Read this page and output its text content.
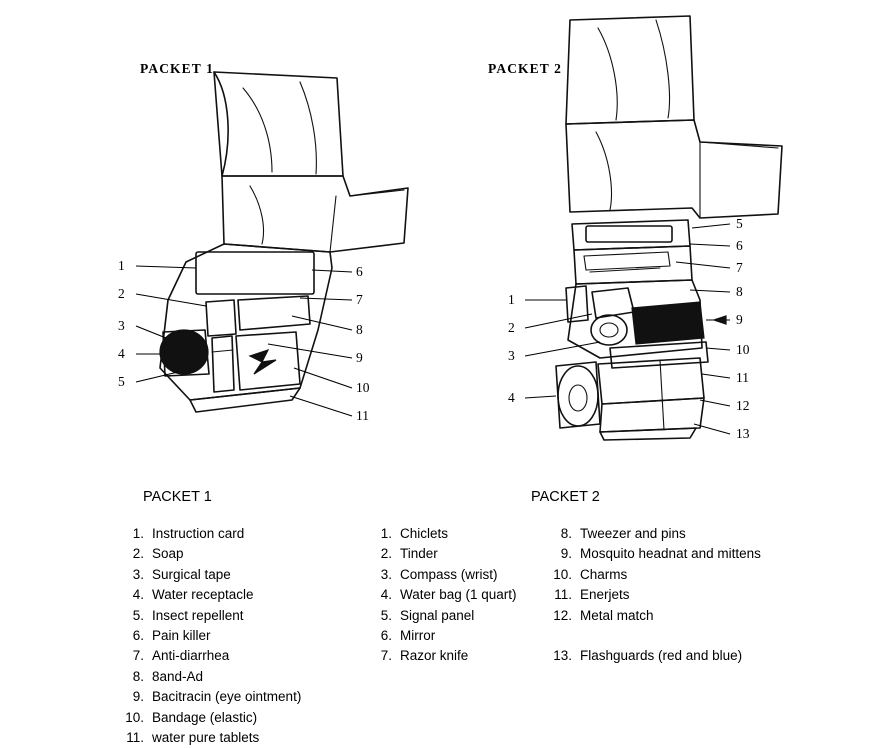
PACKET 1	PACKET 2
1
2
3
4
5
6
7
8
9
10
11
1
2
3
4
5
6
7
8
9
10
11
12
13
PACKET 1	PACKET 2
1. Instruction card
2. Soap
3. Surgical tape
4. Water receptacle
5. Insect repellent
6. Pain killer
7. Anti-diarrhea
8. 8and-Ad
9. Bacitracin (eye ointment)
10. Bandage (elastic)
11. water pure tablets
1. Chiclets
2. Tinder
3. Compass (wrist)
4. Water bag (1 quart)
5. Signal panel
6. Mirror
7. Razor knife
8. Tweezer and pins
9. Mosquito headnat and mittens
10. Charms
11. Enerjets
12. Metal match
13. Flashguards (red and blue)
